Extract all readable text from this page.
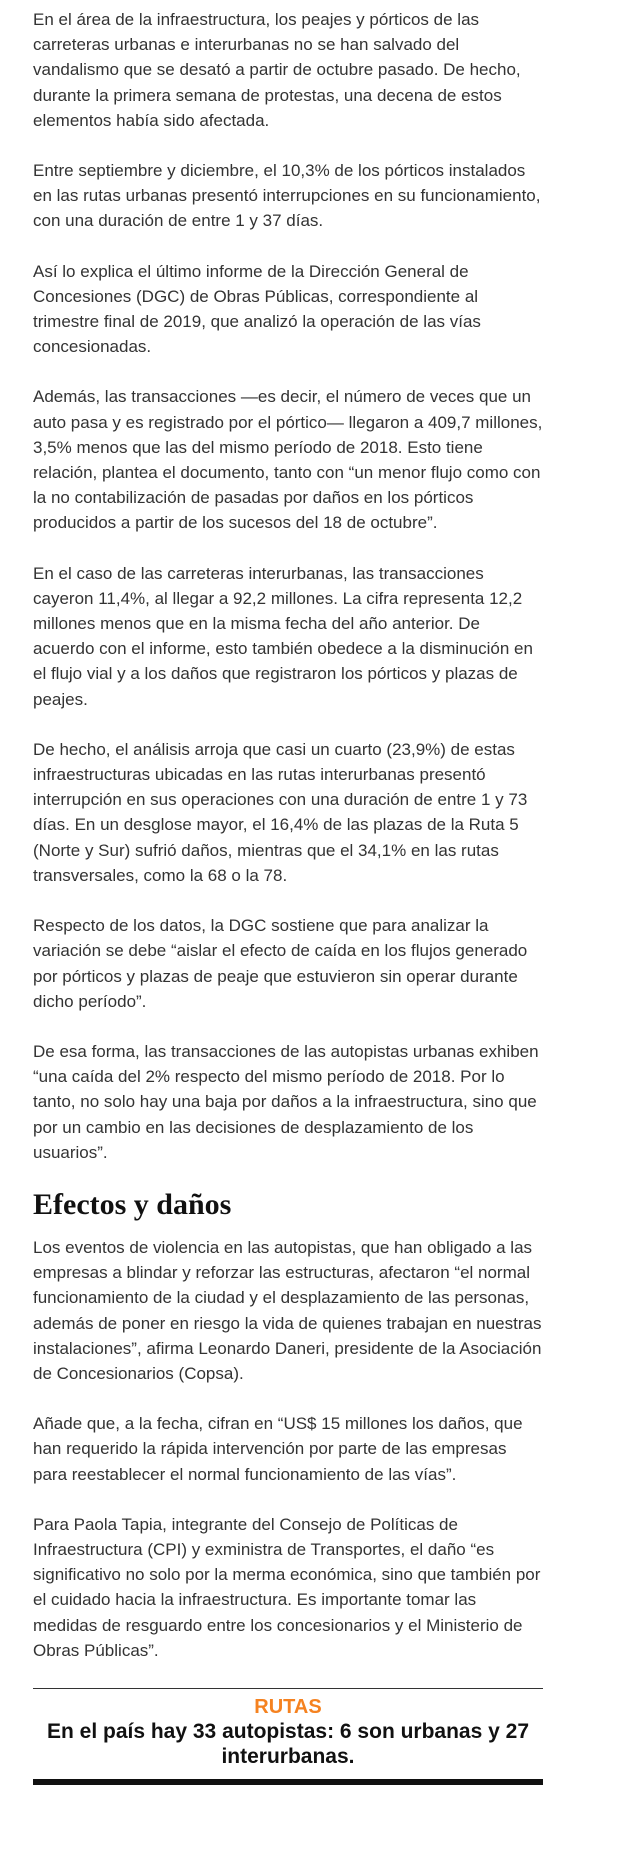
En el área de la infraestructura, los peajes y pórticos de las carreteras urbanas e interurbanas no se han salvado del vandalismo que se desató a partir de octubre pasado. De hecho, durante la primera semana de protestas, una decena de estos elementos había sido afectada.

Entre septiembre y diciembre, el 10,3% de los pórticos instalados en las rutas urbanas presentó interrupciones en su funcionamiento, con una duración de entre 1 y 37 días.

Así lo explica el último informe de la Dirección General de Concesiones (DGC) de Obras Públicas, correspondiente al trimestre final de 2019, que analizó la operación de las vías concesionadas.

Además, las transacciones —es decir, el número de veces que un auto pasa y es registrado por el pórtico— llegaron a 409,7 millones, 3,5% menos que las del mismo período de 2018. Esto tiene relación, plantea el documento, tanto con “un menor flujo como con la no contabilización de pasadas por daños en los pórticos producidos a partir de los sucesos del 18 de octubre”.

En el caso de las carreteras interurbanas, las transacciones cayeron 11,4%, al llegar a 92,2 millones. La cifra representa 12,2 millones menos que en la misma fecha del año anterior. De acuerdo con el informe, esto también obedece a la disminución en el flujo vial y a los daños que registraron los pórticos y plazas de peajes.

De hecho, el análisis arroja que casi un cuarto (23,9%) de estas infraestructuras ubicadas en las rutas interurbanas presentó interrupción en sus operaciones con una duración de entre 1 y 73 días. En un desglose mayor, el 16,4% de las plazas de la Ruta 5 (Norte y Sur) sufrió daños, mientras que el 34,1% en las rutas transversales, como la 68 o la 78.

Respecto de los datos, la DGC sostiene que para analizar la variación se debe “aislar el efecto de caída en los flujos generado por pórticos y plazas de peaje que estuvieron sin operar durante dicho período”.

De esa forma, las transacciones de las autopistas urbanas exhiben “una caída del 2% respecto del mismo período de 2018. Por lo tanto, no solo hay una baja por daños a la infraestructura, sino que por un cambio en las decisiones de desplazamiento de los usuarios”.

Efectos y daños

Los eventos de violencia en las autopistas, que han obligado a las empresas a blindar y reforzar las estructuras, afectaron “el normal funcionamiento de la ciudad y el desplazamiento de las personas, además de poner en riesgo la vida de quienes trabajan en nuestras instalaciones”, afirma Leonardo Daneri, presidente de la Asociación de Concesionarios (Copsa).

Añade que, a la fecha, cifran en “US$ 15 millones los daños, que han requerido la rápida intervención por parte de las empresas para reestablecer el normal funcionamiento de las vías”.

Para Paola Tapia, integrante del Consejo de Políticas de Infraestructura (CPI) y exministra de Transportes, el daño “es significativo no solo por la merma económica, sino que también por el cuidado hacia la infraestructura. Es importante tomar las medidas de resguardo entre los concesionarios y el Ministerio de Obras Públicas”.

RUTAS
En el país hay 33 autopistas: 6 son urbanas y 27 interurbanas.
